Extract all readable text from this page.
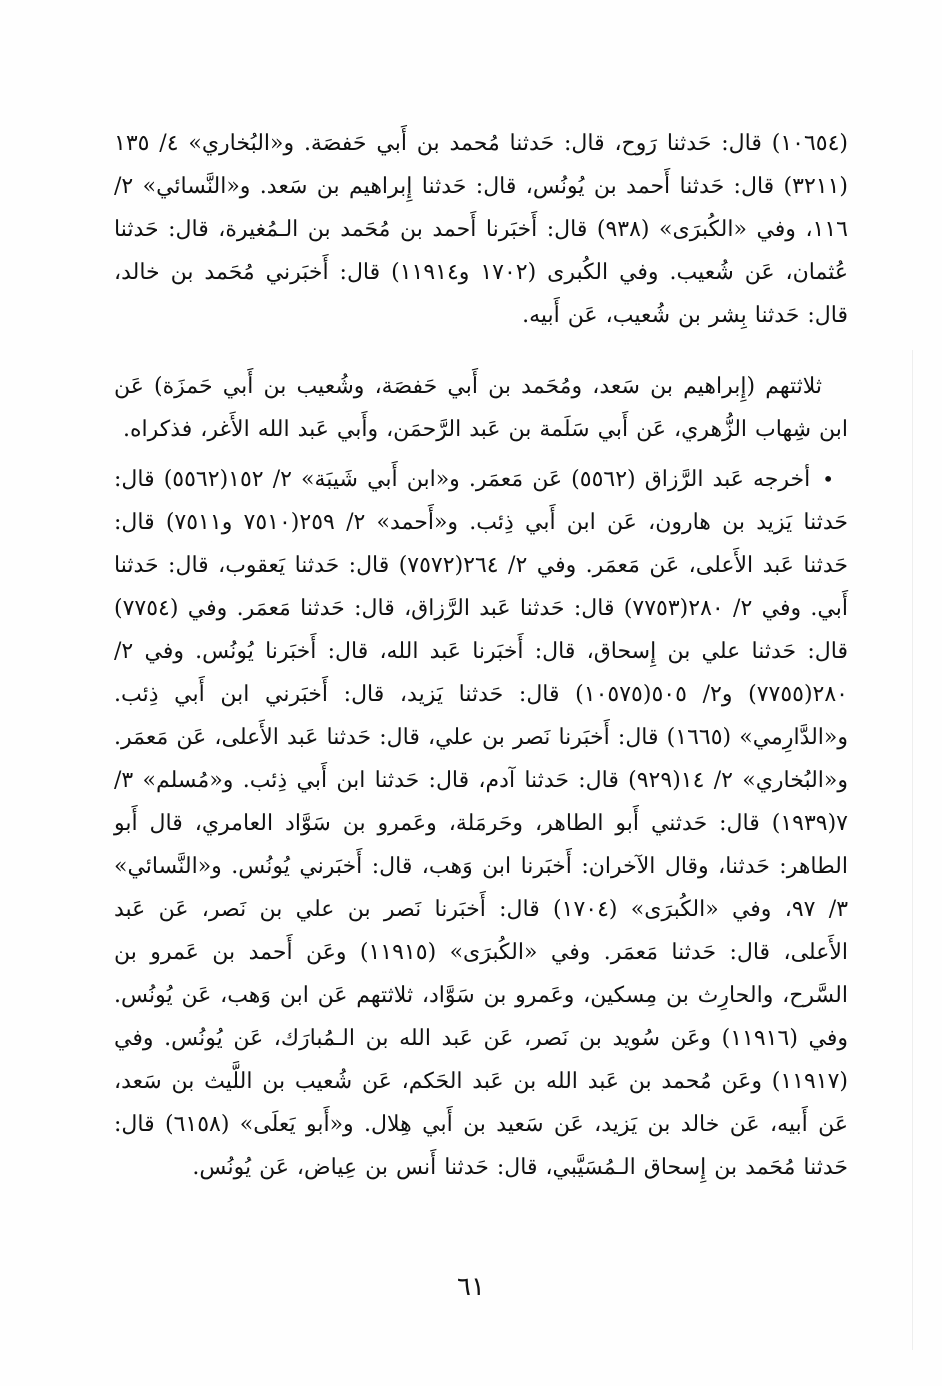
(١٠٦٥٤) قال: حَدثنا رَوح، قال: حَدثنا مُحمد بن أَبي حَفصَة. و«البُخاري» ٤/ ١٣٥ (٣٢١١) قال: حَدثنا أَحمد بن يُونُس، قال: حَدثنا إِبراهيم بن سَعد. و«النَّسائي» ٢/ ١١٦، وفي «الكُبرَى» (٩٣٨) قال: أَخبَرنا أَحمد بن مُحَمد بن الـمُغيرة، قال: حَدثنا عُثمان، عَن شُعيب. وفي الكُبرى (١٧٠٢ و١١٩١٤) قال: أَخبَرني مُحَمد بن خالد، قال: حَدثنا بِشر بن شُعيب، عَن أَبيه.

ثلاثتهم (إِبراهيم بن سَعد، ومُحَمد بن أَبي حَفصَة، وشُعيب بن أَبي حَمزَة) عَن ابن شِهاب الزُّهري، عَن أَبي سَلَمة بن عَبد الرَّحمَن، وأَبي عَبد الله الأَغر، فذكراه.

•أخرجه عَبد الرَّزاق (٥٥٦٢) عَن مَعمَر. و«ابن أَبي شَيبَة» ٢/ ١٥٢(٥٥٦٢) قال: حَدثنا يَزيد بن هارون، عَن ابن أَبي ذِئب. و«أَحمد» ٢/ ٢٥٩(٧٥١٠ و٧٥١١) قال: حَدثنا عَبد الأَعلى، عَن مَعمَر. وفي ٢/ ٢٦٤(٧٥٧٢) قال: حَدثنا يَعقوب، قال: حَدثنا أَبي. وفي ٢/ ٢٨٠(٧٧٥٣) قال: حَدثنا عَبد الرَّزاق، قال: حَدثنا مَعمَر. وفي (٧٧٥٤) قال: حَدثنا علي بن إِسحاق، قال: أَخبَرنا عَبد الله، قال: أَخبَرنا يُونُس. وفي ٢/ ٢٨٠(٧٧٥٥) و٢/ ٥٠٥(١٠٥٧٥) قال: حَدثنا يَزيد، قال: أَخبَرني ابن أَبي ذِئب. و«الدَّارِمي» (١٦٦٥) قال: أَخبَرنا نَصر بن علي، قال: حَدثنا عَبد الأَعلى، عَن مَعمَر. و«البُخاري» ٢/ ١٤(٩٢٩) قال: حَدثنا آدم، قال: حَدثنا ابن أَبي ذِئب. و«مُسلم» ٣/ ٧(١٩٣٩) قال: حَدثني أَبو الطاهر، وحَرمَلة، وعَمرو بن سَوَّاد العامري، قال أَبو الطاهر: حَدثنا، وقال الآخران: أَخبَرنا ابن وَهب، قال: أَخبَرني يُونُس. و«النَّسائي» ٣/ ٩٧، وفي «الكُبرَى» (١٧٠٤) قال: أَخبَرنا نَصر بن علي بن نَصر، عَن عَبد الأَعلى، قال: حَدثنا مَعمَر. وفي «الكُبرَى» (١١٩١٥) وعَن أَحمد بن عَمرو بن السَّرح، والحارِث بن مِسكين، وعَمرو بن سَوَّاد، ثلاثتهم عَن ابن وَهب، عَن يُونُس. وفي (١١٩١٦) وعَن سُويد بن نَصر، عَن عَبد الله بن الـمُبارَك، عَن يُونُس. وفي (١١٩١٧) وعَن مُحمد بن عَبد الله بن عَبد الحَكم، عَن شُعيب بن اللَّيث بن سَعد، عَن أَبيه، عَن خالد بن يَزيد، عَن سَعيد بن أَبي هِلال. و«أَبو يَعلَى» (٦١٥٨) قال: حَدثنا مُحَمد بن إِسحاق الـمُسَيَّبي، قال: حَدثنا أَنس بن عِياض، عَن يُونُس.

٦١
